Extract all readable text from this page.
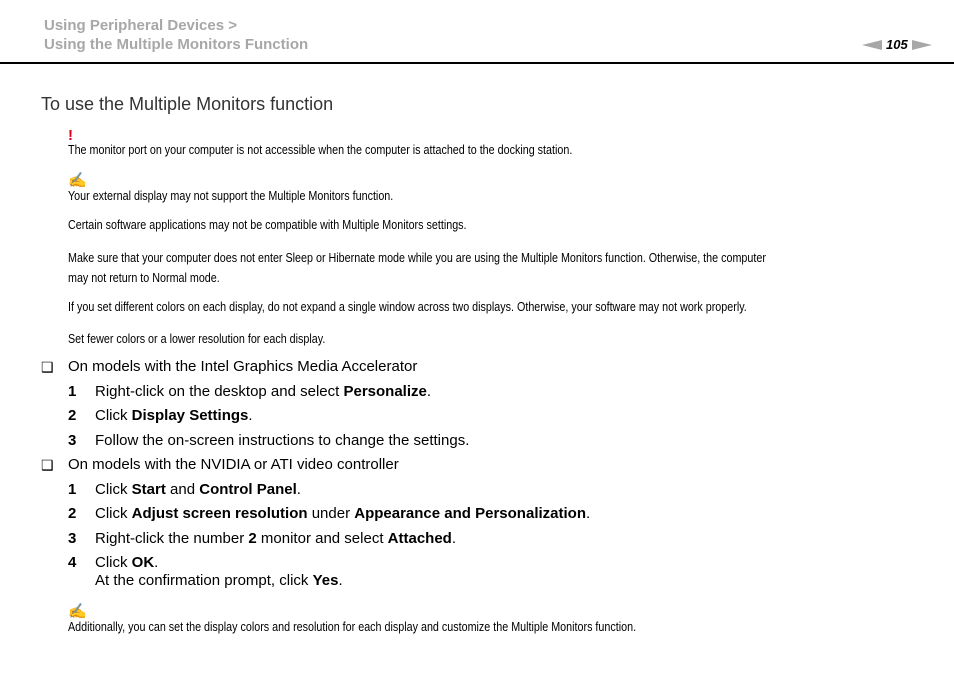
Using Peripheral Devices >
Using the Multiple Monitors Function	105
To use the Multiple Monitors function
!
The monitor port on your computer is not accessible when the computer is attached to the docking station.
✍
Your external display may not support the Multiple Monitors function.
Certain software applications may not be compatible with Multiple Monitors settings.
Make sure that your computer does not enter Sleep or Hibernate mode while you are using the Multiple Monitors function. Otherwise, the computer
may not return to Normal mode.
If you set different colors on each display, do not expand a single window across two displays. Otherwise, your software may not work properly.
Set fewer colors or a lower resolution for each display.
❑ On models with the Intel Graphics Media Accelerator
1 Right-click on the desktop and select Personalize.
2 Click Display Settings.
3 Follow the on-screen instructions to change the settings.
❑ On models with the NVIDIA or ATI video controller
1 Click Start and Control Panel.
2 Click Adjust screen resolution under Appearance and Personalization.
3 Right-click the number 2 monitor and select Attached.
4 Click OK.
At the confirmation prompt, click Yes.
✍
Additionally, you can set the display colors and resolution for each display and customize the Multiple Monitors function.
